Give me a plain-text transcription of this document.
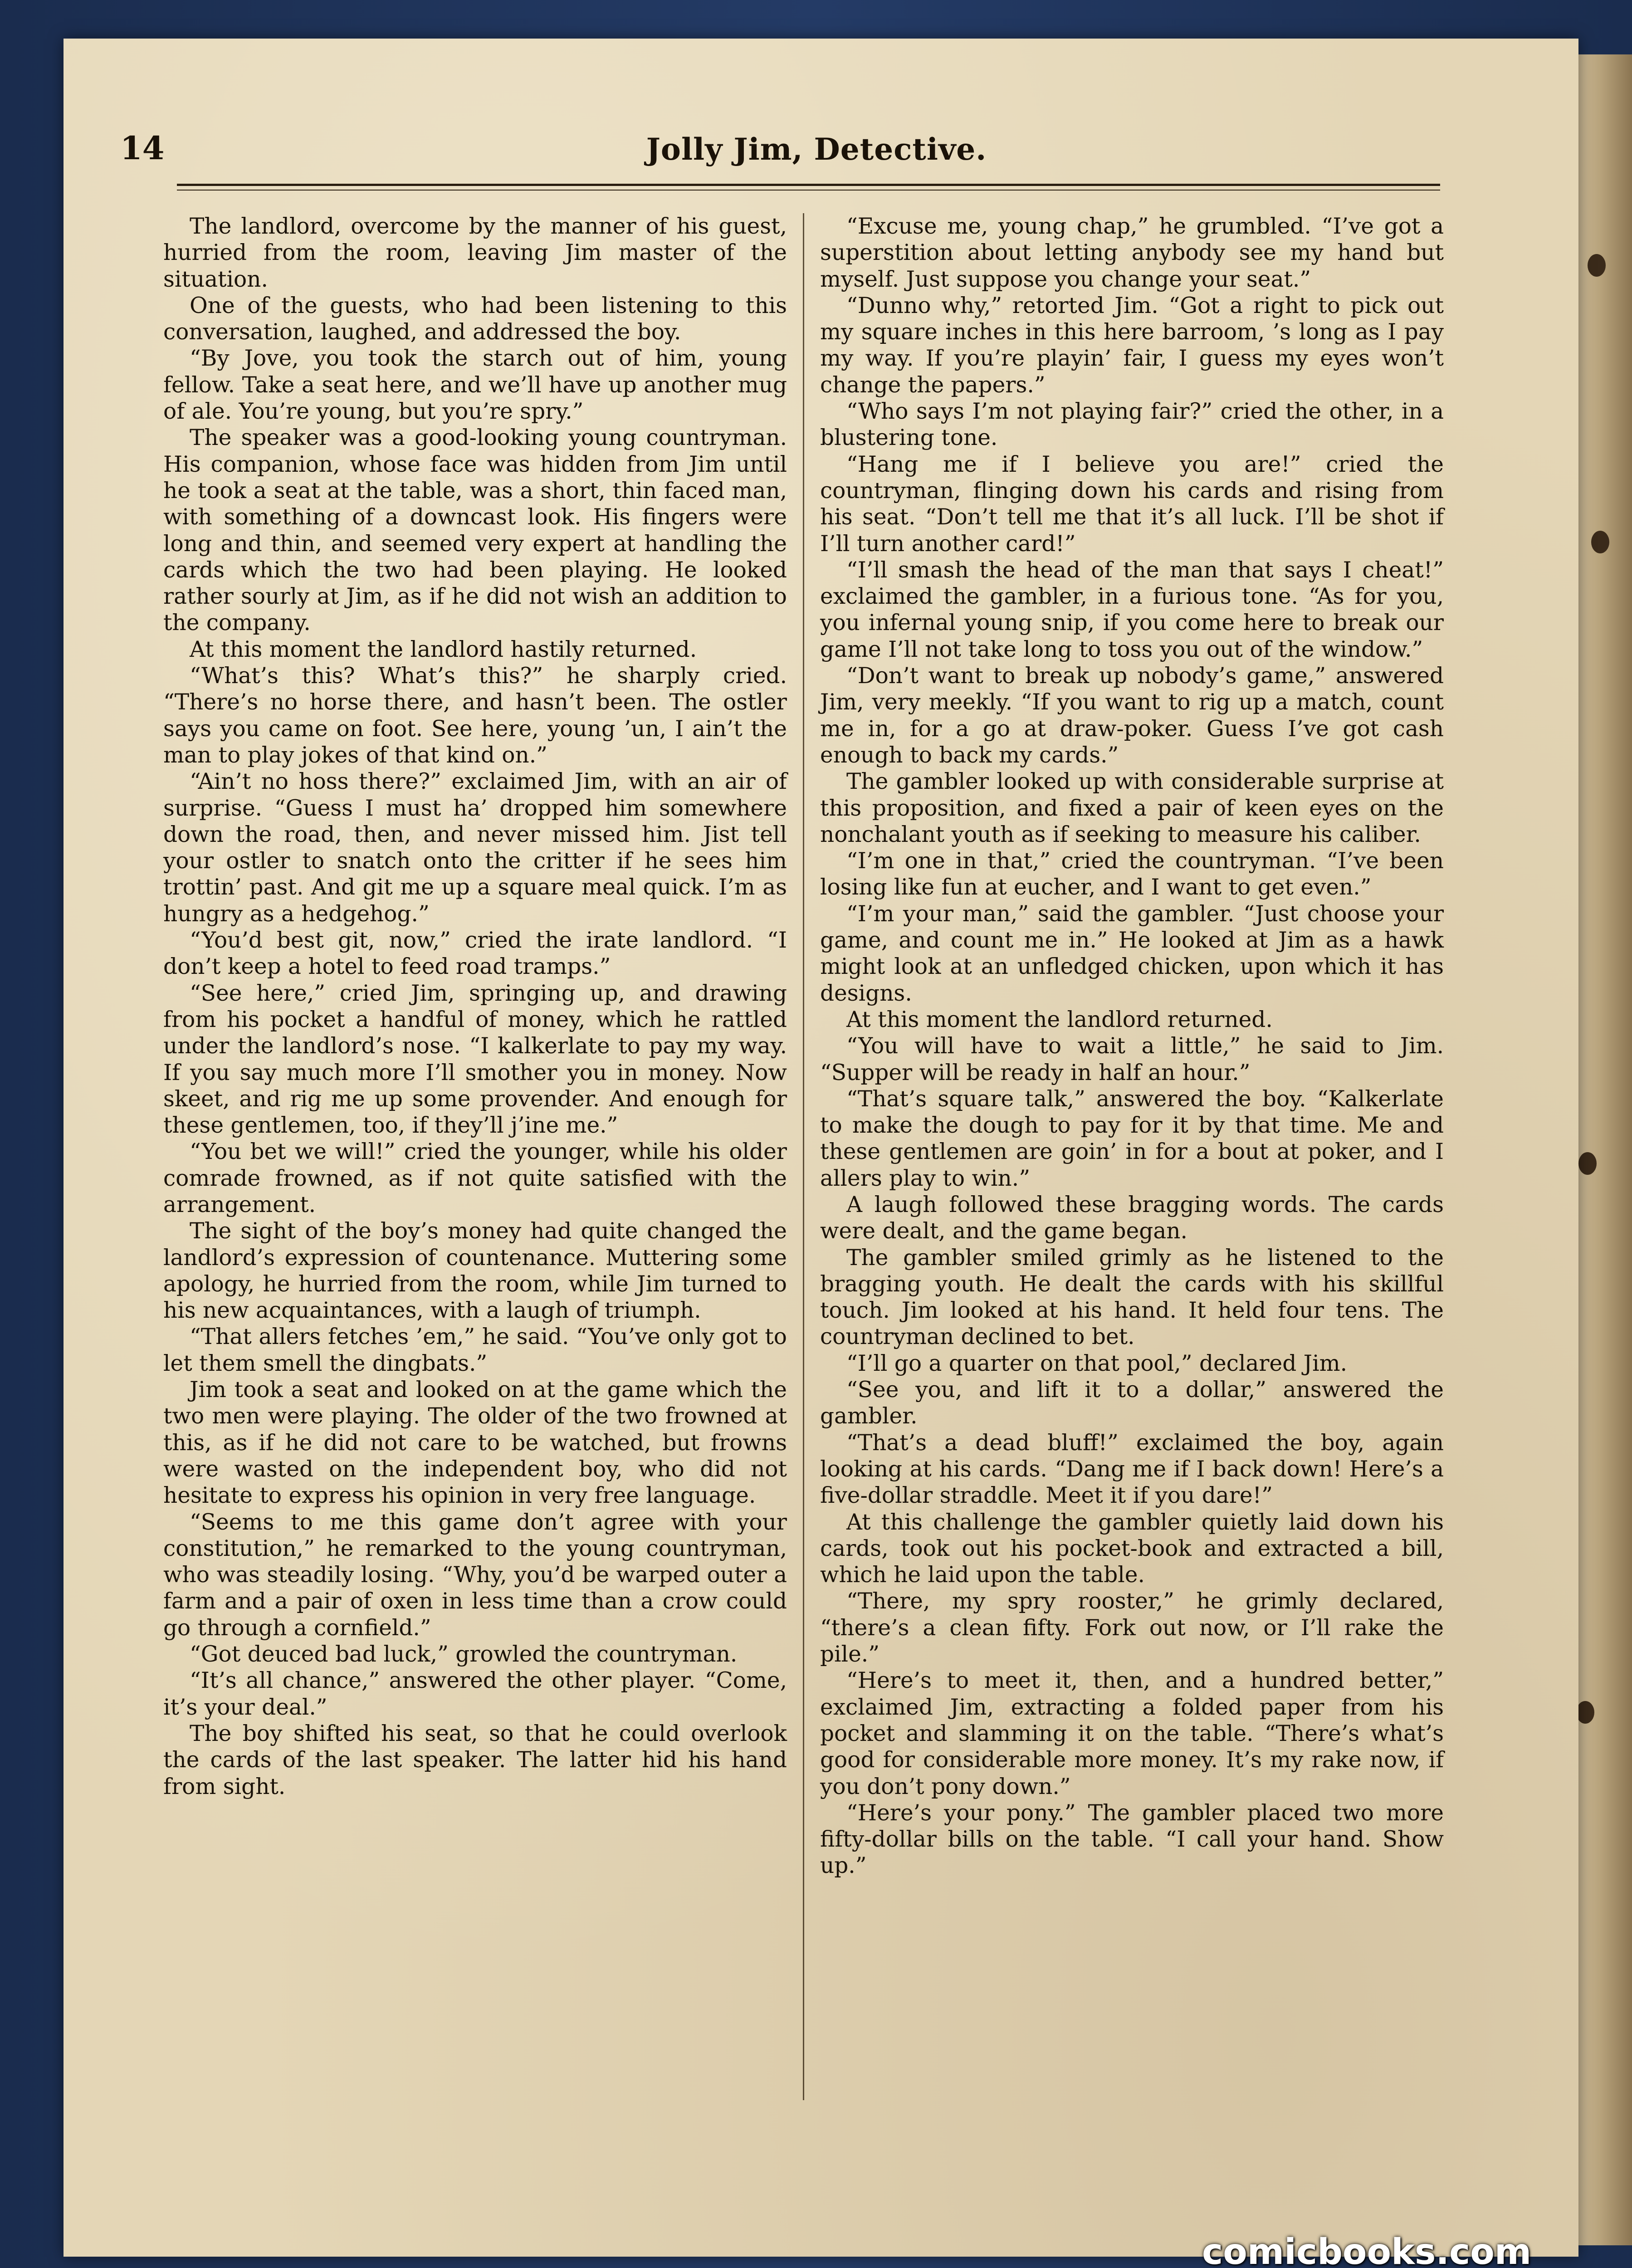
14	Jolly Jim, Detective.

The landlord, overcome by the manner of his guest, hurried from the room, leaving Jim master of the situation.

One of the guests, who had been listening to this conversation, laughed, and addressed the boy.

“By Jove, you took the starch out of him, young fellow. Take a seat here, and we’ll have up another mug of ale. You’re young, but you’re spry.”

The speaker was a good-looking young countryman. His companion, whose face was hidden from Jim until he took a seat at the table, was a short, thin faced man, with something of a downcast look. His fingers were long and thin, and seemed very expert at handling the cards which the two had been playing. He looked rather sourly at Jim, as if he did not wish an addition to the company.

At this moment the landlord hastily returned.

“What’s this? What’s this?” he sharply cried. “There’s no horse there, and hasn’t been. The ostler says you came on foot. See here, young ’un, I ain’t the man to play jokes of that kind on.”

“Ain’t no hoss there?” exclaimed Jim, with an air of surprise. “Guess I must ha’ dropped him somewhere down the road, then, and never missed him. Jist tell your ostler to snatch onto the critter if he sees him trottin’ past. And git me up a square meal quick. I’m as hungry as a hedgehog.”

“You’d best git, now,” cried the irate landlord. “I don’t keep a hotel to feed road tramps.”

“See here,” cried Jim, springing up, and drawing from his pocket a handful of money, which he rattled under the landlord’s nose. “I kalkerlate to pay my way. If you say much more I’ll smother you in money. Now skeet, and rig me up some provender. And enough for these gentlemen, too, if they’ll j’ine me.”

“You bet we will!” cried the younger, while his older comrade frowned, as if not quite satisfied with the arrangement.

The sight of the boy’s money had quite changed the landlord’s expression of countenance. Muttering some apology, he hurried from the room, while Jim turned to his new acquaintances, with a laugh of triumph.

“That allers fetches ’em,” he said. “You’ve only got to let them smell the dingbats.”

Jim took a seat and looked on at the game which the two men were playing. The older of the two frowned at this, as if he did not care to be watched, but frowns were wasted on the independent boy, who did not hesitate to express his opinion in very free language.

“Seems to me this game don’t agree with your constitution,” he remarked to the young countryman, who was steadily losing. “Why, you’d be warped outer a farm and a pair of oxen in less time than a crow could go through a cornfield.”

“Got deuced bad luck,” growled the countryman.

“It’s all chance,” answered the other player. “Come, it’s your deal.”

The boy shifted his seat, so that he could overlook the cards of the last speaker. The latter hid his hand from sight.

“Excuse me, young chap,” he grumbled. “I’ve got a superstition about letting anybody see my hand but myself. Just suppose you change your seat.”

“Dunno why,” retorted Jim. “Got a right to pick out my square inches in this here barroom, ’s long as I pay my way. If you’re playin’ fair, I guess my eyes won’t change the papers.”

“Who says I’m not playing fair?” cried the other, in a blustering tone.

“Hang me if I believe you are!” cried the countryman, flinging down his cards and rising from his seat. “Don’t tell me that it’s all luck. I’ll be shot if I’ll turn another card!”

“I’ll smash the head of the man that says I cheat!” exclaimed the gambler, in a furious tone. “As for you, you infernal young snip, if you come here to break our game I’ll not take long to toss you out of the window.”

“Don’t want to break up nobody’s game,” answered Jim, very meekly. “If you want to rig up a match, count me in, for a go at draw-poker. Guess I’ve got cash enough to back my cards.”

The gambler looked up with considerable surprise at this proposition, and fixed a pair of keen eyes on the nonchalant youth as if seeking to measure his caliber.

“I’m one in that,” cried the countryman. “I’ve been losing like fun at eucher, and I want to get even.”

“I’m your man,” said the gambler. “Just choose your game, and count me in.” He looked at Jim as a hawk might look at an unfledged chicken, upon which it has designs.

At this moment the landlord returned.

“You will have to wait a little,” he said to Jim. “Supper will be ready in half an hour.”

“That’s square talk,” answered the boy. “Kalkerlate to make the dough to pay for it by that time. Me and these gentlemen are goin’ in for a bout at poker, and I allers play to win.”

A laugh followed these bragging words. The cards were dealt, and the game began.

The gambler smiled grimly as he listened to the bragging youth. He dealt the cards with his skillful touch. Jim looked at his hand. It held four tens. The countryman declined to bet.

“I’ll go a quarter on that pool,” declared Jim.

“See you, and lift it to a dollar,” answered the gambler.

“That’s a dead bluff!” exclaimed the boy, again looking at his cards. “Dang me if I back down! Here’s a five-dollar straddle. Meet it if you dare!”

At this challenge the gambler quietly laid down his cards, took out his pocket-book and extracted a bill, which he laid upon the table.

“There, my spry rooster,” he grimly declared, “there’s a clean fifty. Fork out now, or I’ll rake the pile.”

“Here’s to meet it, then, and a hundred better,” exclaimed Jim, extracting a folded paper from his pocket and slamming it on the table. “There’s what’s good for considerable more money. It’s my rake now, if you don’t pony down.”

“Here’s your pony.” The gambler placed two more fifty-dollar bills on the table. “I call your hand. Show up.”

comicbooks.com
